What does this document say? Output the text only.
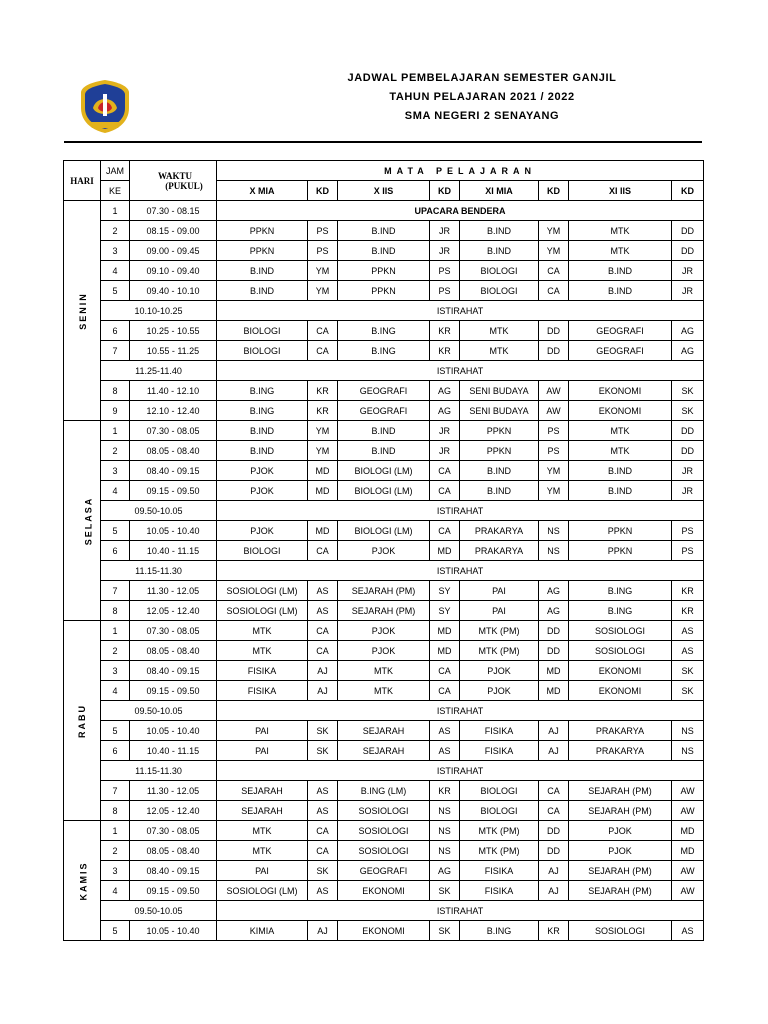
JADWAL PEMBELAJARAN SEMESTER GANJIL
TAHUN PELAJARAN 2021 / 2022
SMA NEGERI 2 SENAYANG
HARI	JAM	WAKTU
(PUKUL)	MATA PELAJARAN							
	KE		X MIA	KD	X IIS	KD	XI MIA	KD	XI IIS	KD
SENIN	1	07.30 - 08.15	UPACARA BENDERA							
	2	08.15 - 09.00	PPKN	PS	B.IND	JR	B.IND	YM	MTK	DD
	3	09.00 - 09.45	PPKN	PS	B.IND	JR	B.IND	YM	MTK	DD
	4	09.10 - 09.40	B.IND	YM	PPKN	PS	BIOLOGI	CA	B.IND	JR
	5	09.40 - 10.10	B.IND	YM	PPKN	PS	BIOLOGI	CA	B.IND	JR
	10.10-10.25		ISTIRAHAT							
	6	10.25 - 10.55	BIOLOGI	CA	B.ING	KR	MTK	DD	GEOGRAFI	AG
	7	10.55 - 11.25	BIOLOGI	CA	B.ING	KR	MTK	DD	GEOGRAFI	AG
	11.25-11.40		ISTIRAHAT							
	8	11.40 - 12.10	B.ING	KR	GEOGRAFI	AG	SENI BUDAYA	AW	EKONOMI	SK
	9	12.10 - 12.40	B.ING	KR	GEOGRAFI	AG	SENI BUDAYA	AW	EKONOMI	SK
SELASA	1	07.30 - 08.05	B.IND	YM	B.IND	JR	PPKN	PS	MTK	DD
	2	08.05 - 08.40	B.IND	YM	B.IND	JR	PPKN	PS	MTK	DD
	3	08.40 - 09.15	PJOK	MD	BIOLOGI (LM)	CA	B.IND	YM	B.IND	JR
	4	09.15 - 09.50	PJOK	MD	BIOLOGI (LM)	CA	B.IND	YM	B.IND	JR
	09.50-10.05		ISTIRAHAT							
	5	10.05 - 10.40	PJOK	MD	BIOLOGI (LM)	CA	PRAKARYA	NS	PPKN	PS
	6	10.40 - 11.15	BIOLOGI	CA	PJOK	MD	PRAKARYA	NS	PPKN	PS
	11.15-11.30		ISTIRAHAT							
	7	11.30 - 12.05	SOSIOLOGI (LM)	AS	SEJARAH (PM)	SY	PAI	AG	B.ING	KR
	8	12.05 - 12.40	SOSIOLOGI (LM)	AS	SEJARAH (PM)	SY	PAI	AG	B.ING	KR
RABU	1	07.30 - 08.05	MTK	CA	PJOK	MD	MTK (PM)	DD	SOSIOLOGI	AS
	2	08.05 - 08.40	MTK	CA	PJOK	MD	MTK (PM)	DD	SOSIOLOGI	AS
	3	08.40 - 09.15	FISIKA	AJ	MTK	CA	PJOK	MD	EKONOMI	SK
	4	09.15 - 09.50	FISIKA	AJ	MTK	CA	PJOK	MD	EKONOMI	SK
	09.50-10.05		ISTIRAHAT							
	5	10.05 - 10.40	PAI	SK	SEJARAH	AS	FISIKA	AJ	PRAKARYA	NS
	6	10.40 - 11.15	PAI	SK	SEJARAH	AS	FISIKA	AJ	PRAKARYA	NS
	11.15-11.30		ISTIRAHAT							
	7	11.30 - 12.05	SEJARAH	AS	B.ING (LM)	KR	BIOLOGI	CA	SEJARAH (PM)	AW
	8	12.05 - 12.40	SEJARAH	AS	SOSIOLOGI	NS	BIOLOGI	CA	SEJARAH (PM)	AW
KAMIS	1	07.30 - 08.05	MTK	CA	SOSIOLOGI	NS	MTK (PM)	DD	PJOK	MD
	2	08.05 - 08.40	MTK	CA	SOSIOLOGI	NS	MTK (PM)	DD	PJOK	MD
	3	08.40 - 09.15	PAI	SK	GEOGRAFI	AG	FISIKA	AJ	SEJARAH (PM)	AW
	4	09.15 - 09.50	SOSIOLOGI (LM)	AS	EKONOMI	SK	FISIKA	AJ	SEJARAH (PM)	AW
	09.50-10.05		ISTIRAHAT							
	5	10.05 - 10.40	KIMIA	AJ	EKONOMI	SK	B.ING	KR	SOSIOLOGI	AS
